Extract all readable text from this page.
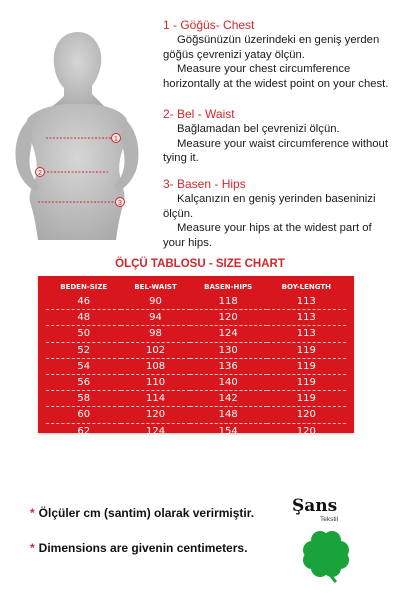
1
2
3
1 - Göğüs- Chest
Göğsünüzün üzerindeki en geniş yerden göğüs çevrenizi yatay ölçün.
Measure your chest circumference horizontally at the widest point on your chest.
2- Bel - Waist
Bağlamadan bel çevrenizi ölçün.
Measure your waist circumference without tying it.
3- Basen - Hips
Kalçanızın en geniş yerinden baseninizi ölçün.
Measure your hips at the widest part of your hips.
ÖLÇÜ TABLOSU - SIZE CHART
BEDEN-SIZE	BEL-WAIST	BASEN-HIPS	BOY-LENGTH
46	90	118	113
48	94	120	113
50	98	124	113
52	102	130	119
54	108	136	119
56	110	140	119
58	114	142	119
60	120	148	120
62	124	154	120
* Ölçüler cm (santim) olarak verirmiştir.
* Dimensions are givenin centimeters.
Şans
Tekstil
